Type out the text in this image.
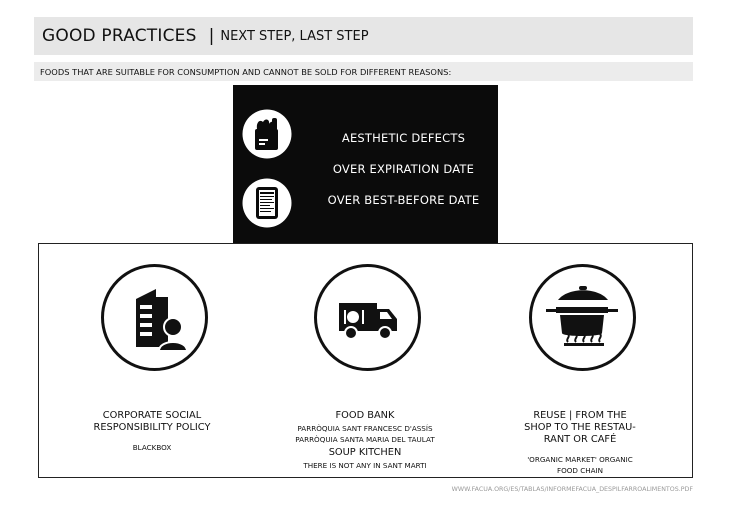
GOOD PRACTICES | NEXT STEP, LAST STEP
FOODS THAT ARE SUITABLE FOR CONSUMPTION AND CANNOT BE SOLD FOR DIFFERENT REASONS:
AESTHETIC DEFECTS
OVER EXPIRATION DATE
OVER BEST-BEFORE DATE
CORPORATE SOCIAL
RESPONSIBILITY POLICY
BLACKBOX
FOOD BANK
PARRÒQUIA SANT FRANCESC D'ASSÍS
PARRÒQUIA SANTA MARIA DEL TAULAT
SOUP KITCHEN
THERE IS NOT ANY IN SANT MARTI
REUSE | FROM THE
SHOP TO THE RESTAU-
RANT OR CAFÉ
'ORGANIC MARKET' ORGANIC
FOOD CHAIN
WWW.FACUA.ORG/ES/TABLAS/INFORMEFACUA_DESPILFARROALIMENTOS.PDF
